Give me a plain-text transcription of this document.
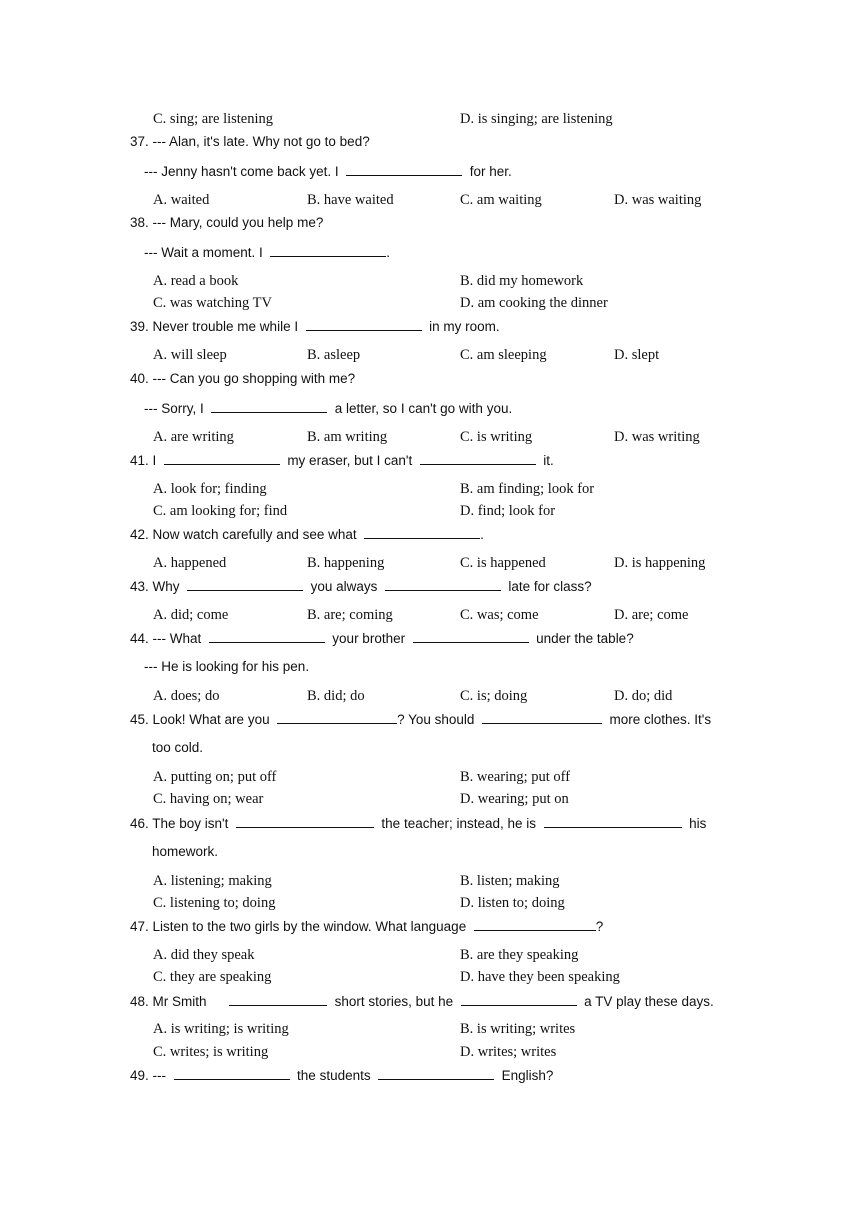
C. sing; are listening	D. is singing; are listening
37. --- Alan, it's late. Why not go to bed?
--- Jenny hasn't come back yet. I	for her.
A. waited	B. have waited	C. am waiting	D. was waiting
38. --- Mary, could you help me?
--- Wait a moment. I	.
A. read a book	B. did my homework
C. was watching TV	D. am cooking the dinner
39. Never trouble me while I	in my room.
A. will sleep	B. asleep	C. am sleeping	D. slept
40. --- Can you go shopping with me?
--- Sorry, I	a letter, so I can't go with you.
A. are writing	B. am writing	C. is writing	D. was writing
41. I	my eraser, but I can't	it.
A. look for; finding	B. am finding; look for
C. am looking for; find	D. find; look for
42. Now watch carefully and see what	.
A. happened	B. happening	C. is happened	D. is happening
43. Why	you always	late for class?
A. did; come	B. are; coming	C. was; come	D. are; come
44. --- What	your brother	under the table?
--- He is looking for his pen.
A. does; do	B. did; do	C. is; doing	D. do; did
45. Look! What are you	? You should	more clothes. It's
too cold.
A. putting on; put off	B. wearing; put off
C. having on; wear	D. wearing; put on
46. The boy isn't	the teacher; instead, he is	his
homework.
A. listening; making	B. listen; making
C. listening to; doing	D. listen to; doing
47. Listen to the two girls by the window. What language	?
A. did they speak	B. are they speaking
C. they are speaking	D. have they been speaking
48. Mr Smith	short stories, but he	a TV play these days.
A. is writing; is writing	B. is writing; writes
C. writes; is writing	D. writes; writes
49. ---	the students	English?
